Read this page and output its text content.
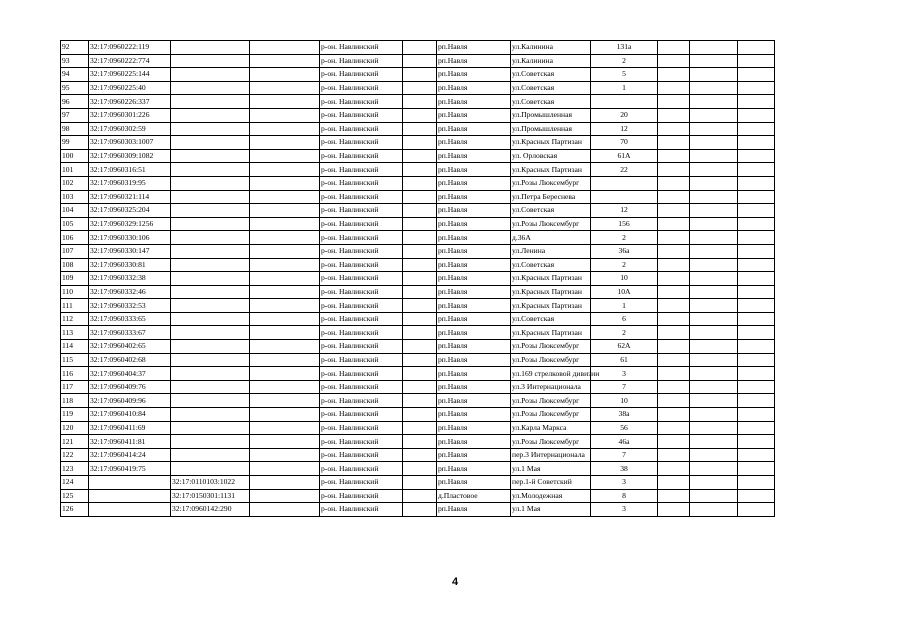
92	32:17:0960222:119			р-он. Навлинский		рп.Навля	ул.Калинина	131а			
93	32:17:0960222:774			р-он. Навлинский		рп.Навля	ул.Калинина	2			
94	32:17:0960225:144			р-он. Навлинский		рп.Навля	ул.Советская	5			
95	32:17:0960225:40			р-он. Навлинский		рп.Навля	ул.Советская	1			
96	32:17:0960226:337			р-он. Навлинский		рп.Навля	ул.Советская				
97	32:17:0960301:226			р-он. Навлинский		рп.Навля	ул.Промышленная	20			
98	32:17:0960302:59			р-он. Навлинский		рп.Навля	ул.Промышленная	12			
99	32:17:0960303:1007			р-он. Навлинский		рп.Навля	ул.Красных Партизан	70			
100	32:17:0960309:1082			р-он. Навлинский		рп.Навля	ул. Орловская	61А			
101	32:17:0960316:51			р-он. Навлинский		рп.Навля	ул.Красных Партизан	22			
102	32:17:0960319:95			р-он. Навлинский		рп.Навля	ул.Розы Люксембург				
103	32:17:0960321:114			р-он. Навлинский		рп.Навля	ул.Петра Береснева				
104	32:17:0960325:204			р-он. Навлинский		рп.Навля	ул.Советская	12			
105	32:17:0960329:1256			р-он. Навлинский		рп.Навля	ул.Розы Люксембург	156			
106	32:17:0960330:106			р-он. Навлинский		рп.Навля	д.36А	2			
107	32:17:0960330:147			р-он. Навлинский		рп.Навля	ул.Ленина	36а			
108	32:17:0960330:81			р-он. Навлинский		рп.Навля	ул.Советская	2			
109	32:17:0960332:38			р-он. Навлинский		рп.Навля	ул.Красных Партизан	10			
110	32:17:0960332:46			р-он. Навлинский		рп.Навля	ул.Красных Партизан	10А			
111	32:17:0960332:53			р-он. Навлинский		рп.Навля	ул.Красных Партизан	1			
112	32:17:0960333:65			р-он. Навлинский		рп.Навля	ул.Советская	6			
113	32:17:0960333:67			р-он. Навлинский		рп.Навля	ул.Красных Партизан	2			
114	32:17:0960402:65			р-он. Навлинский		рп.Навля	ул.Розы Люксембург	62А			
115	32:17:0960402:68			р-он. Навлинский		рп.Навля	ул.Розы Люксембург	61			
116	32:17:0960404:37			р-он. Навлинский		рп.Навля	ул.169 стрелковой дивизии	3			
117	32:17:0960409:76			р-он. Навлинский		рп.Навля	ул.3 Интернационала	7			
118	32:17:0960409:96			р-он. Навлинский		рп.Навля	ул.Розы Люксембург	10			
119	32:17:0960410:84			р-он. Навлинский		рп.Навля	ул.Розы Люксембург	38а			
120	32:17:0960411:69			р-он. Навлинский		рп.Навля	ул.Карла Маркса	56			
121	32:17:0960411:81			р-он. Навлинский		рп.Навля	ул.Розы Люксембург	46а			
122	32:17:0960414:24			р-он. Навлинский		рп.Навля	пер.3 Интернационала	7			
123	32:17:0960419:75			р-он. Навлинский		рп.Навля	ул.1 Мая	38			
124		32:17:0110103:1022		р-он. Навлинский		рп.Навля	пер.1-й Советский	3			
125		32:17:0150301:1131		р-он. Навлинский		д.Пластовое	ул.Молодежная	8			
126		32:17:0960142:290		р-он. Навлинский		рп.Навля	ул.1 Мая	3			
4
